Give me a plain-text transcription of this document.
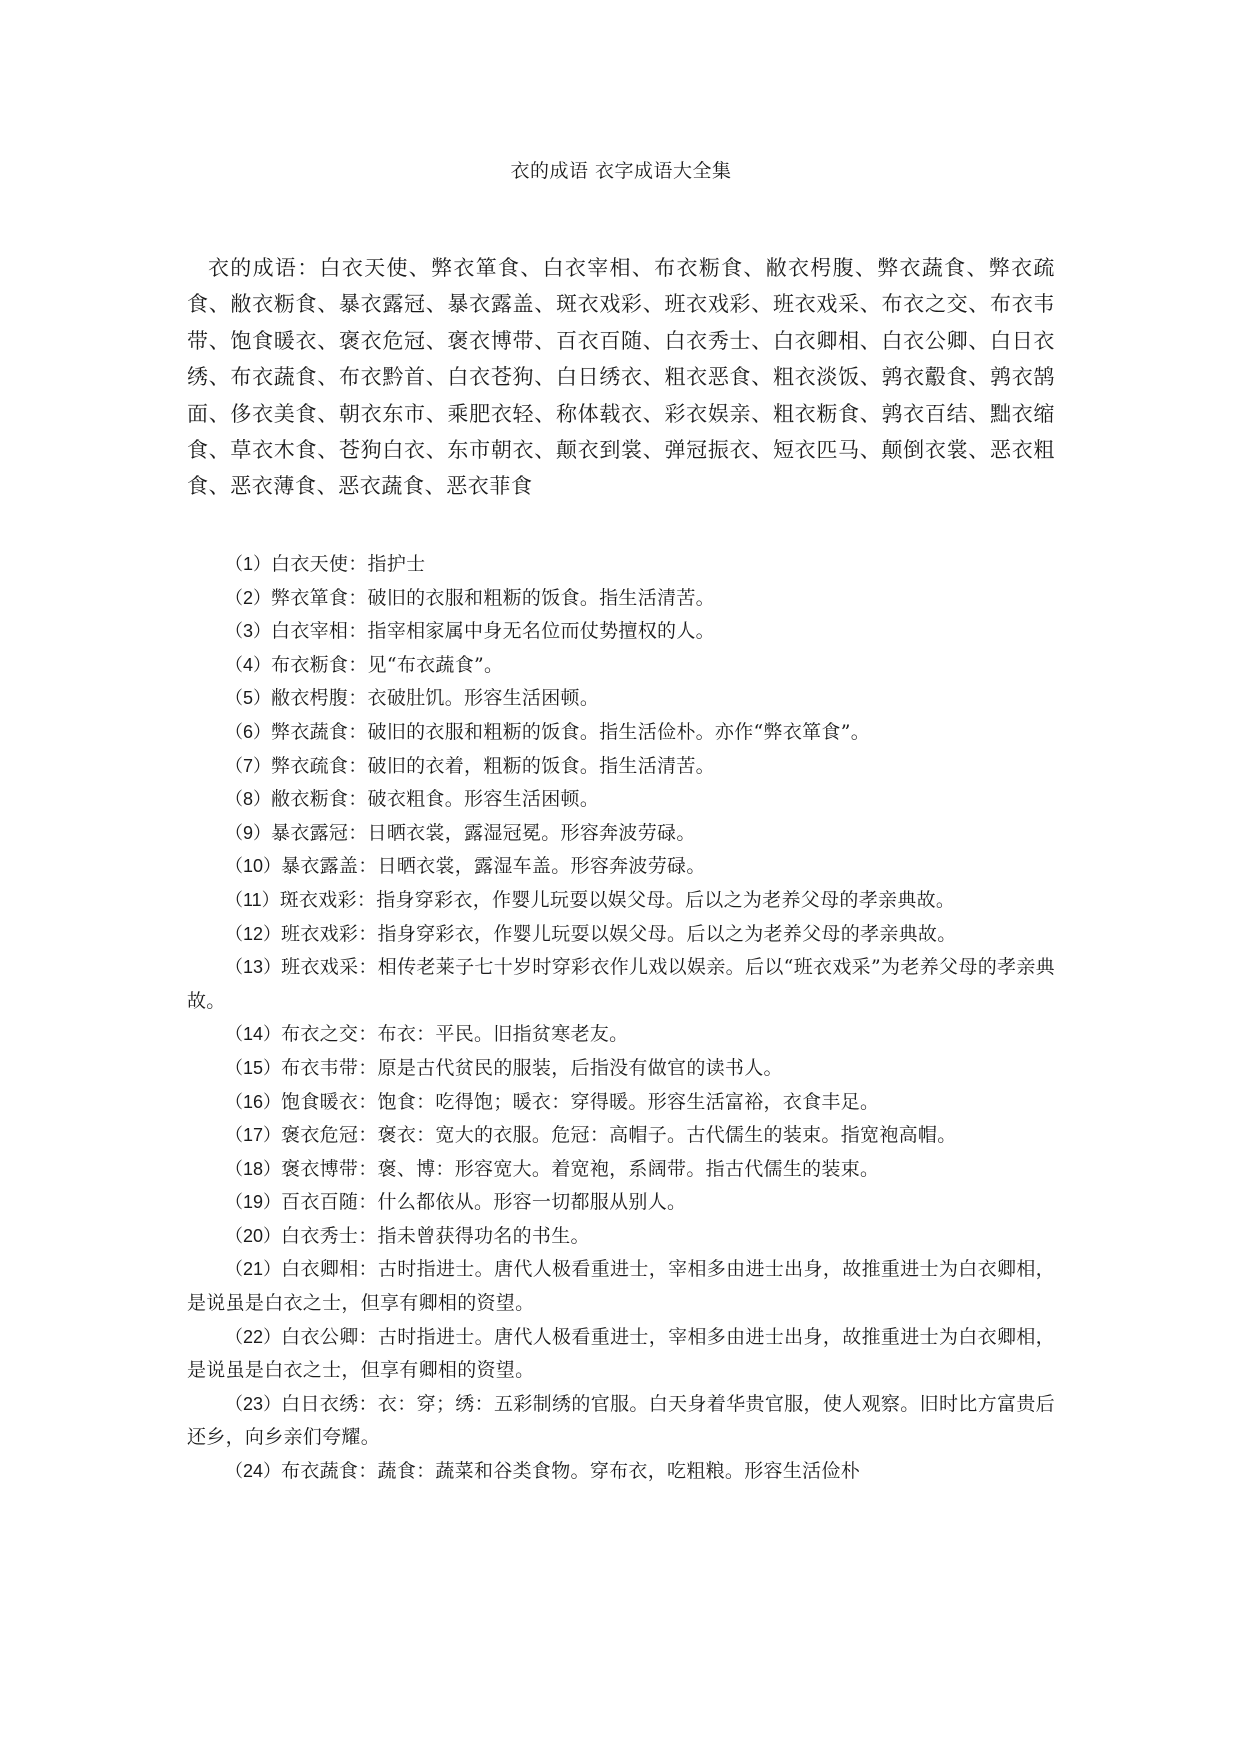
衣的成语 衣字成语大全集

衣的成语：白衣天使、弊衣箪食、白衣宰相、布衣粝食、敝衣枵腹、弊衣蔬食、弊衣疏食、敝衣粝食、暴衣露冠、暴衣露盖、斑衣戏彩、班衣戏彩、班衣戏采、布衣之交、布衣韦带、饱食暖衣、褒衣危冠、褒衣博带、百衣百随、白衣秀士、白衣卿相、白衣公卿、白日衣绣、布衣蔬食、布衣黔首、白衣苍狗、白日绣衣、粗衣恶食、粗衣淡饭、鹑衣鷇食、鹑衣鹄面、侈衣美食、朝衣东市、乘肥衣轻、称体载衣、彩衣娱亲、粗衣粝食、鹑衣百结、黜衣缩食、草衣木食、苍狗白衣、东市朝衣、颠衣到裳、弹冠振衣、短衣匹马、颠倒衣裳、恶衣粗食、恶衣薄食、恶衣蔬食、恶衣菲食

（1）白衣天使：指护士
（2）弊衣箪食：破旧的衣服和粗粝的饭食。指生活清苦。
（3）白衣宰相：指宰相家属中身无名位而仗势擅权的人。
（4）布衣粝食：见“布衣蔬食”。
（5）敝衣枵腹：衣破肚饥。形容生活困顿。
（6）弊衣蔬食：破旧的衣服和粗粝的饭食。指生活俭朴。亦作“弊衣箪食”。
（7）弊衣疏食：破旧的衣着，粗粝的饭食。指生活清苦。
（8）敝衣粝食：破衣粗食。形容生活困顿。
（9）暴衣露冠：日晒衣裳，露湿冠冕。形容奔波劳碌。
（10）暴衣露盖：日晒衣裳，露湿车盖。形容奔波劳碌。
（11）斑衣戏彩：指身穿彩衣，作婴儿玩耍以娱父母。后以之为老养父母的孝亲典故。
（12）班衣戏彩：指身穿彩衣，作婴儿玩耍以娱父母。后以之为老养父母的孝亲典故。
（13）班衣戏采：相传老莱子七十岁时穿彩衣作儿戏以娱亲。后以“班衣戏采”为老养父母的孝亲典故。
（14）布衣之交：布衣：平民。旧指贫寒老友。
（15）布衣韦带：原是古代贫民的服装，后指没有做官的读书人。
（16）饱食暖衣：饱食：吃得饱；暖衣：穿得暖。形容生活富裕，衣食丰足。
（17）褒衣危冠：褒衣：宽大的衣服。危冠：高帽子。古代儒生的装束。指宽袍高帽。
（18）褒衣博带：褒、博：形容宽大。着宽袍，系阔带。指古代儒生的装束。
（19）百衣百随：什么都依从。形容一切都服从别人。
（20）白衣秀士：指未曾获得功名的书生。
（21）白衣卿相：古时指进士。唐代人极看重进士，宰相多由进士出身，故推重进士为白衣卿相，是说虽是白衣之士，但享有卿相的资望。
（22）白衣公卿：古时指进士。唐代人极看重进士，宰相多由进士出身，故推重进士为白衣卿相，是说虽是白衣之士，但享有卿相的资望。
（23）白日衣绣：衣：穿；绣：五彩制绣的官服。白天身着华贵官服，使人观察。旧时比方富贵后还乡，向乡亲们夸耀。
（24）布衣蔬食：蔬食：蔬菜和谷类食物。穿布衣，吃粗粮。形容生活俭朴
